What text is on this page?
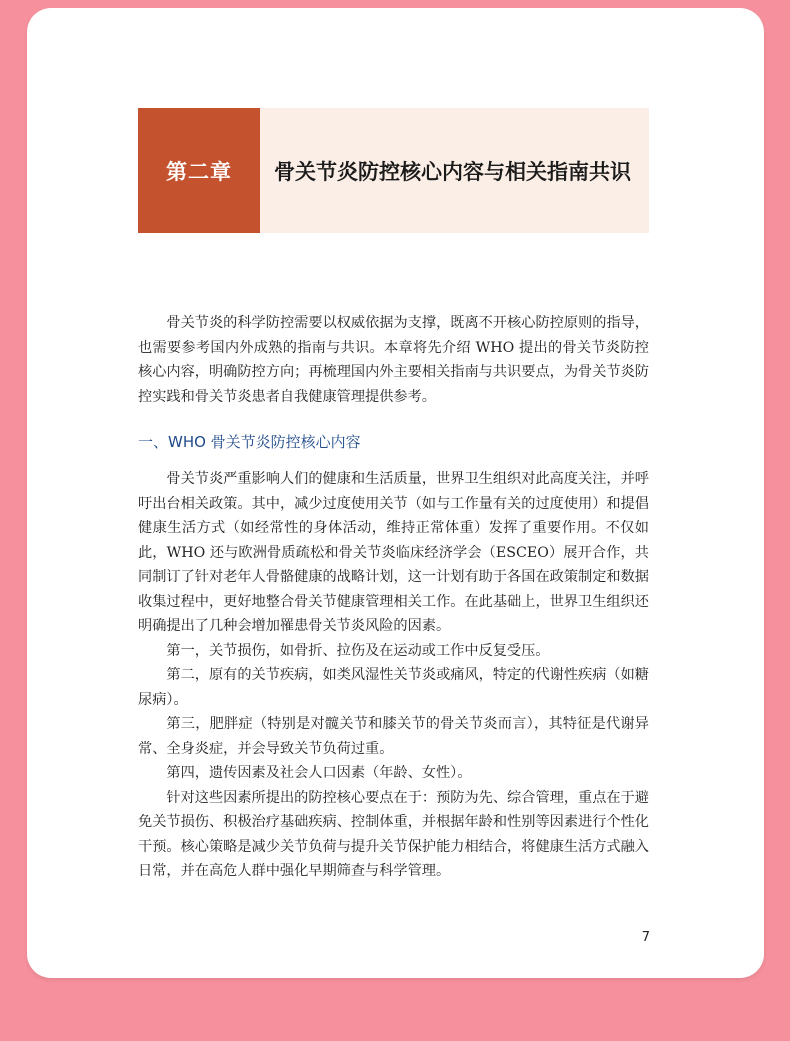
第二章	骨关节炎防控核心内容与相关指南共识

骨关节炎的科学防控需要以权威依据为支撑，既离不开核心防控原则的指导，也需要参考国内外成熟的指南与共识。本章将先介绍 WHO 提出的骨关节炎防控核心内容，明确防控方向；再梳理国内外主要相关指南与共识要点，为骨关节炎防控实践和骨关节炎患者自我健康管理提供参考。

一、WHO 骨关节炎防控核心内容

骨关节炎严重影响人们的健康和生活质量，世界卫生组织对此高度关注，并呼吁出台相关政策。其中，减少过度使用关节（如与工作量有关的过度使用）和提倡健康生活方式（如经常性的身体活动，维持正常体重）发挥了重要作用。不仅如此，WHO 还与欧洲骨质疏松和骨关节炎临床经济学会（ESCEO）展开合作，共同制订了针对老年人骨骼健康的战略计划，这一计划有助于各国在政策制定和数据收集过程中，更好地整合骨关节健康管理相关工作。在此基础上，世界卫生组织还明确提出了几种会增加罹患骨关节炎风险的因素。

第一，关节损伤，如骨折、拉伤及在运动或工作中反复受压。

第二，原有的关节疾病，如类风湿性关节炎或痛风，特定的代谢性疾病（如糖尿病）。

第三，肥胖症（特别是对髋关节和膝关节的骨关节炎而言），其特征是代谢异常、全身炎症，并会导致关节负荷过重。

第四，遗传因素及社会人口因素（年龄、女性）。

针对这些因素所提出的防控核心要点在于：预防为先、综合管理，重点在于避免关节损伤、积极治疗基础疾病、控制体重，并根据年龄和性别等因素进行个性化干预。核心策略是减少关节负荷与提升关节保护能力相结合，将健康生活方式融入日常，并在高危人群中强化早期筛查与科学管理。

7
